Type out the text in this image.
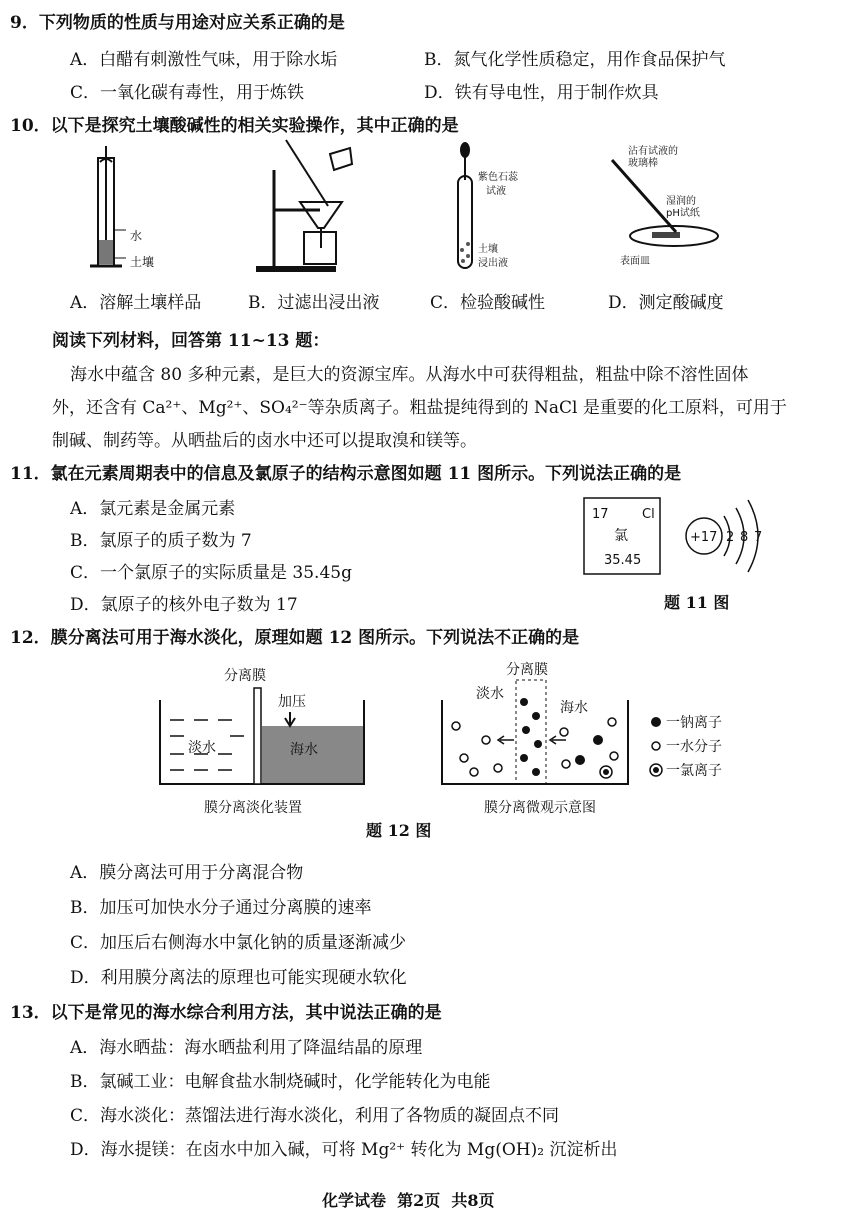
9．下列物质的性质与用途对应关系正确的是
A．白醋有刺激性气味，用于除水垢	B．氮气化学性质稳定，用作食品保护气
C．一氧化碳有毒性，用于炼铁	D．铁有导电性，用于制作炊具
10．以下是探究土壤酸碱性的相关实验操作，其中正确的是
水
土壤
紫色石蕊
试液
土壤
浸出液
沾有试液的
玻璃棒
湿润的
pH试纸
表面皿
A．溶解土壤样品	B．过滤出浸出液	C．检验酸碱性	D．测定酸碱度
阅读下列材料，回答第 11~13 题：
海水中蕴含 80 多种元素，是巨大的资源宝库。从海水中可获得粗盐，粗盐中除不溶性固体
外，还含有 Ca²⁺、Mg²⁺、SO₄²⁻等杂质离子。粗盐提纯得到的 NaCl 是重要的化工原料，可用于
制碱、制药等。从晒盐后的卤水中还可以提取溴和镁等。
11．氯在元素周期表中的信息及氯原子的结构示意图如题 11 图所示。下列说法正确的是
A．氯元素是金属元素
B．氯原子的质子数为 7
C．一个氯原子的实际质量是 35.45g
D．氯原子的核外电子数为 17
17	Cl
氯
35.45
+17 2 8 7
题 11 图
12．膜分离法可用于海水淡化，原理如题 12 图所示。下列说法不正确的是
分离膜
加压
淡水	海水
膜分离淡化装置
分离膜
淡水
海水
膜分离微观示意图
一钠离子
一水分子
一氯离子
题 12 图
A．膜分离法可用于分离混合物
B．加压可加快水分子通过分离膜的速率
C．加压后右侧海水中氯化钠的质量逐渐减少
D．利用膜分离法的原理也可能实现硬水软化
13．以下是常见的海水综合利用方法，其中说法正确的是
A．海水晒盐：海水晒盐利用了降温结晶的原理
B．氯碱工业：电解食盐水制烧碱时，化学能转化为电能
C．海水淡化：蒸馏法进行海水淡化，利用了各物质的凝固点不同
D．海水提镁：在卤水中加入碱，可将 Mg²⁺ 转化为 Mg(OH)₂ 沉淀析出
化学试卷  第2页  共8页
